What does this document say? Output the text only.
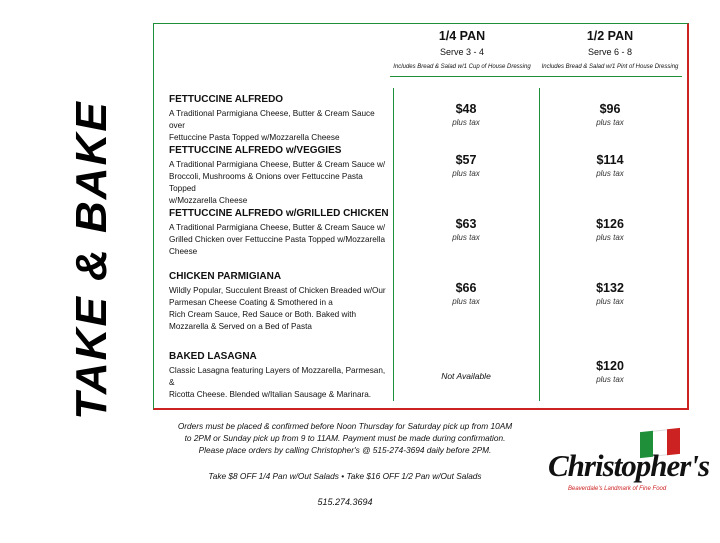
TAKE & BAKE
1/4 PAN
Serve 3 - 4
Includes Bread & Salad w/1 Cup of House Dressing
1/2 PAN
Serve 6 - 8
Includes Bread & Salad w/1 Pint of House Dressing
FETTUCCINE ALFREDO
A Traditional Parmigiana Cheese, Butter & Cream Sauce over
Fettuccine Pasta Topped w/Mozzarella Cheese
$48
plus tax
$96
plus tax
FETTUCCINE ALFREDO w/VEGGIES
A Traditional Parmigiana Cheese, Butter & Cream Sauce w/
Broccoli, Mushrooms & Onions over Fettuccine Pasta Topped
w/Mozzarella Cheese
$57
plus tax
$114
plus tax
FETTUCCINE ALFREDO w/GRILLED CHICKEN
A Traditional Parmigiana Cheese, Butter & Cream Sauce w/
Grilled Chicken over Fettuccine Pasta Topped w/Mozzarella
Cheese
$63
plus tax
$126
plus tax
CHICKEN PARMIGIANA
Wildly Popular, Succulent Breast of Chicken Breaded w/Our
Parmesan Cheese Coating & Smothered in a
Rich Cream Sauce, Red Sauce or Both. Baked with
Mozzarella & Served on a Bed of Pasta
$66
plus tax
$132
plus tax
BAKED LASAGNA
Classic Lasagna featuring Layers of Mozzarella, Parmesan, &
Ricotta Cheese. Blended w/Italian Sausage & Marinara.
Not Available
$120
plus tax
Orders must be placed & confirmed before Noon Thursday for Saturday pick up from 10AM
to 2PM or Sunday pick up from 9 to 11AM. Payment must be made during confirmation.
Please place orders by calling Christopher's @ 515-274-3694 daily before 2PM.
Take $8 OFF 1/4 Pan w/Out Salads • Take $16 OFF 1/2 Pan w/Out Salads
515.274.3694
Christopher's
Beaverdale's Landmark of Fine Food
